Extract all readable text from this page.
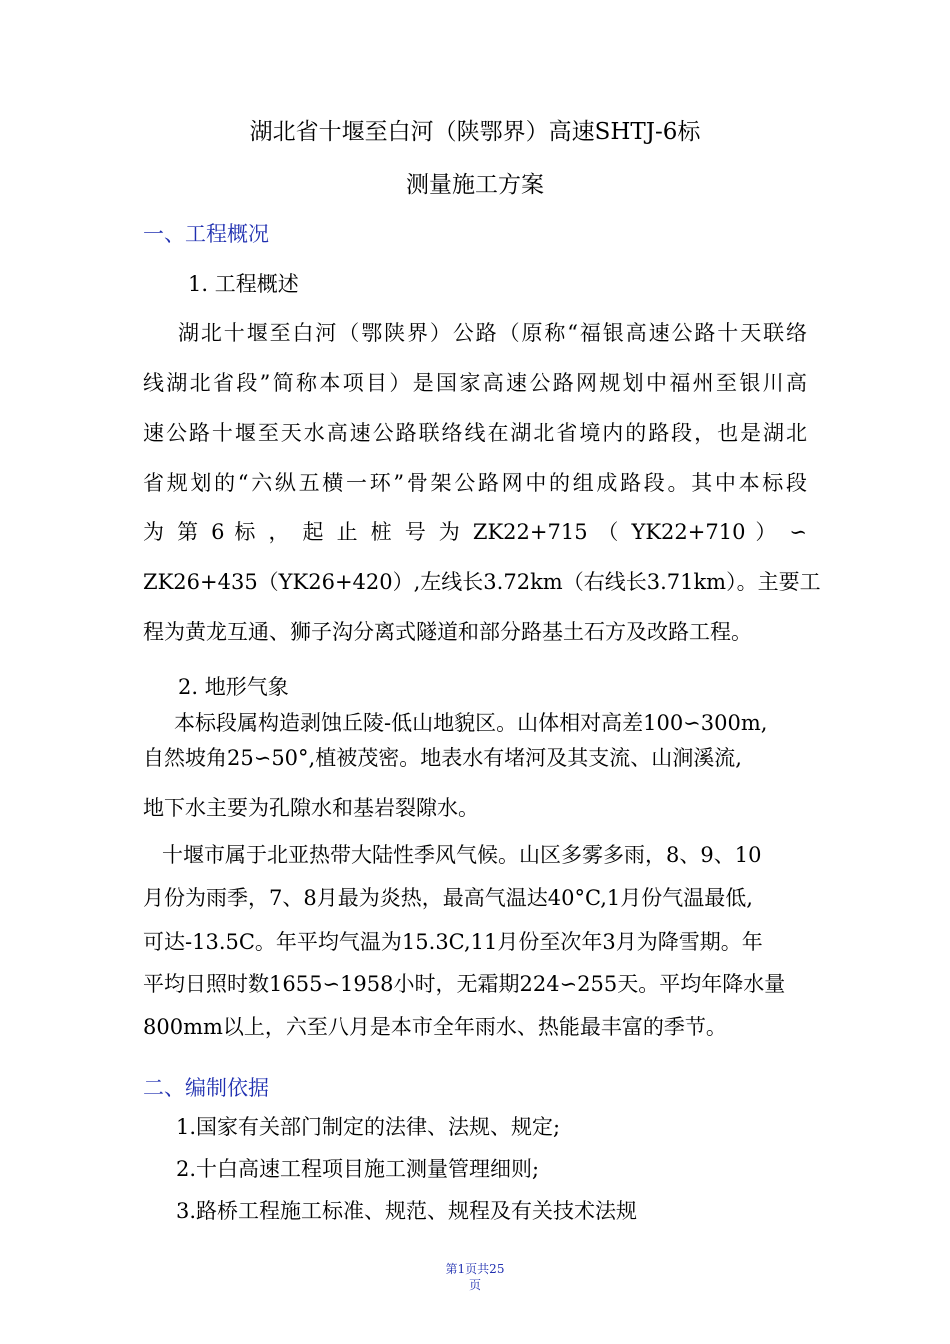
湖北省十堰至白河（陕鄂界）高速SHTJ-6标
测量施工方案
一、工程概况
1. 工程概述
湖北十堰至白河（鄂陕界）公路（原称“福银高速公路十天联络
线湖北省段”简称本项目）是国家高速公路网规划中福州至银川高
速公路十堰至天水高速公路联络线在湖北省境内的路段，也是湖北
省规划的“六纵五横一环”骨架公路网中的组成路段。其中本标段
为 第 6 标 ， 起 止 桩 号 为 ZK22+715 （ YK22+710 ） ∽
ZK26+435（YK26+420）,左线长3.72km（右线长3.71km）。主要工
程为黄龙互通、狮子沟分离式隧道和部分路基土石方及改路工程。
2. 地形气象
本标段属构造剥蚀丘陵-低山地貌区。山体相对高差100∽300m,
自然坡角25∽50°,植被茂密。地表水有堵河及其支流、山涧溪流,
地下水主要为孔隙水和基岩裂隙水。
十堰市属于北亚热带大陆性季风气候。山区多雾多雨，8、9、10
月份为雨季，7、8月最为炎热，最高气温达40°C,1月份气温最低,
可达-13.5C。年平均气温为15.3C,11月份至次年3月为降雪期。年
平均日照时数1655∽1958小时，无霜期224∽255天。平均年降水量
800mm以上，六至八月是本市全年雨水、热能最丰富的季节。
二、编制依据
1.国家有关部门制定的法律、法规、规定;
2.十白高速工程项目施工测量管理细则;
3.路桥工程施工标准、规范、规程及有关技术法规
第1页共25
页
